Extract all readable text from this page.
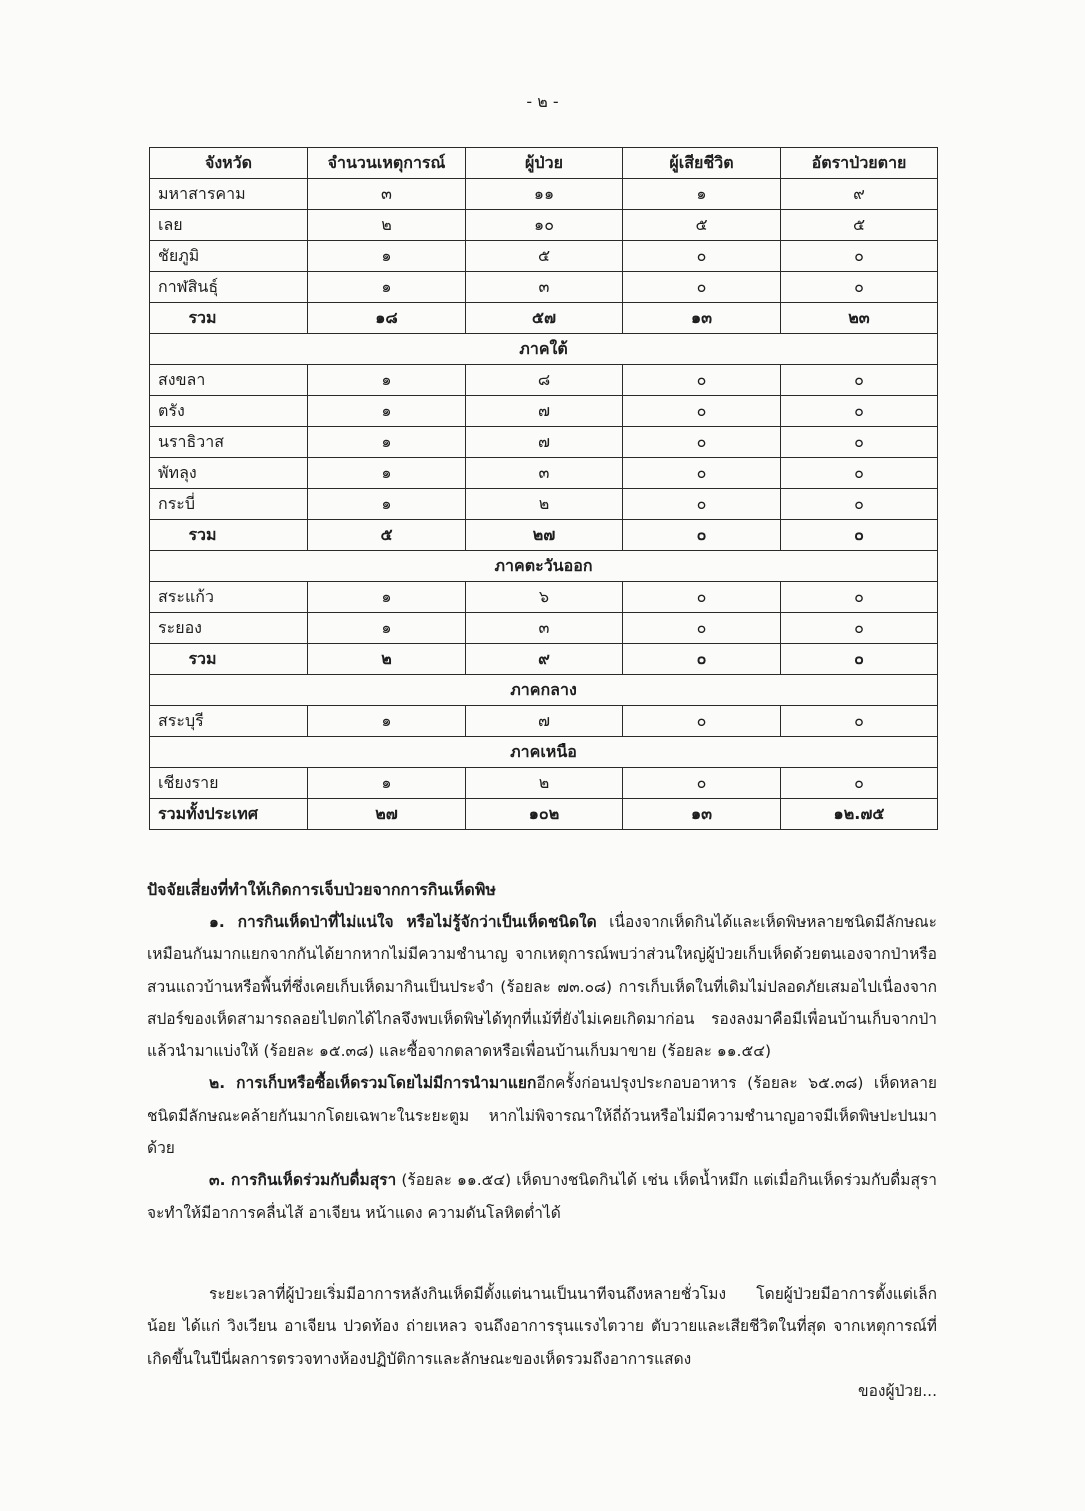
- ๒ -
จังหวัด	จำนวนเหตุการณ์	ผู้ป่วย	ผู้เสียชีวิต	อัตราป่วยตาย
มหาสารคาม	๓	๑๑	๑	๙
เลย	๒	๑๐	๕	๕
ชัยภูมิ	๑	๕	๐	๐
กาฬสินธุ์	๑	๓	๐	๐
รวม	๑๘	๕๗	๑๓	๒๓
ภาคใต้				
สงขลา	๑	๘	๐	๐
ตรัง	๑	๗	๐	๐
นราธิวาส	๑	๗	๐	๐
พัทลุง	๑	๓	๐	๐
กระบี่	๑	๒	๐	๐
รวม	๕	๒๗	๐	๐
ภาคตะวันออก				
สระแก้ว	๑	๖	๐	๐
ระยอง	๑	๓	๐	๐
รวม	๒	๙	๐	๐
ภาคกลาง				
สระบุรี	๑	๗	๐	๐
ภาคเหนือ				
เชียงราย	๑	๒	๐	๐
รวมทั้งประเทศ	๒๗	๑๐๒	๑๓	๑๒.๗๕
ปัจจัยเสี่ยงที่ทำให้เกิดการเจ็บป่วยจากการกินเห็ดพิษ

๑. การกินเห็ดป่าที่ไม่แน่ใจ หรือไม่รู้จักว่าเป็นเห็ดชนิดใด เนื่องจากเห็ดกินได้และเห็ดพิษหลายชนิดมีลักษณะเหมือนกันมากแยกจากกันได้ยากหากไม่มีความชำนาญ จากเหตุการณ์พบว่าส่วนใหญ่ผู้ป่วยเก็บเห็ดด้วยตนเองจากป่าหรือสวนแถวบ้านหรือพื้นที่ซึ่งเคยเก็บเห็ดมากินเป็นประจำ (ร้อยละ ๗๓.๐๘) การเก็บเห็ดในที่เดิมไม่ปลอดภัยเสมอไปเนื่องจากสปอร์ของเห็ดสามารถลอยไปตกได้ไกลจึงพบเห็ดพิษได้ทุกที่แม้ที่ยังไม่เคยเกิดมาก่อน รองลงมาคือมีเพื่อนบ้านเก็บจากป่าแล้วนำมาแบ่งให้ (ร้อยละ ๑๕.๓๘) และซื้อจากตลาดหรือเพื่อนบ้านเก็บมาขาย (ร้อยละ ๑๑.๕๔)

๒. การเก็บหรือซื้อเห็ดรวมโดยไม่มีการนำมาแยกอีกครั้งก่อนปรุงประกอบอาหาร (ร้อยละ ๖๕.๓๘) เห็ดหลายชนิดมีลักษณะคล้ายกันมากโดยเฉพาะในระยะตูม หากไม่พิจารณาให้ถี่ถ้วนหรือไม่มีความชำนาญอาจมีเห็ดพิษปะปนมาด้วย

๓. การกินเห็ดร่วมกับดื่มสุรา (ร้อยละ ๑๑.๕๔) เห็ดบางชนิดกินได้ เช่น เห็ดน้ำหมึก แต่เมื่อกินเห็ดร่วมกับดื่มสุรา จะทำให้มีอาการคลื่นไส้ อาเจียน หน้าแดง ความดันโลหิตต่ำได้

ระยะเวลาที่ผู้ป่วยเริ่มมีอาการหลังกินเห็ดมีตั้งแต่นานเป็นนาทีจนถึงหลายชั่วโมง โดยผู้ป่วยมีอาการตั้งแต่เล็กน้อย ได้แก่ วิงเวียน อาเจียน ปวดท้อง ถ่ายเหลว จนถึงอาการรุนแรงไตวาย ตับวายและเสียชีวิตในที่สุด จากเหตุการณ์ที่เกิดขึ้นในปีนี่ผลการตรวจทางห้องปฏิบัติการและลักษณะของเห็ดรวมถึงอาการแสดง

ของผู้ป่วย...
